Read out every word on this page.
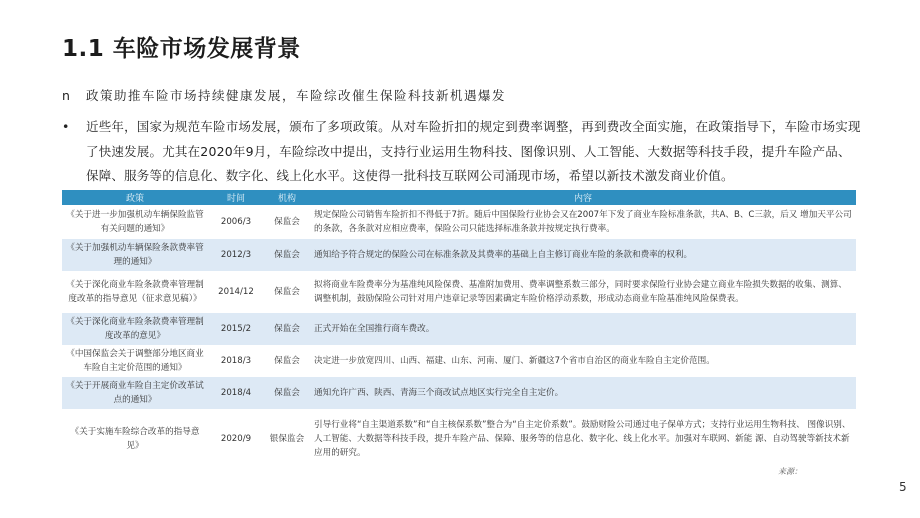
1.1 车险市场发展背景
n 政策助推车险市场持续健康发展，车险综改催生保险科技新机遇爆发
•	近些年，国家为规范车险市场发展，颁布了多项政策。从对车险折扣的规定到费率调整，再到费改全面实施，在政策指导下，车险市场实现了快速发展。尤其在2020年9月，车险综改中提出，支持行业运用生物科技、图像识别、人工智能、大数据等科技手段，提升车险产品、保障、服务等的信息化、数字化、线上化水平。这使得一批科技互联网公司涌现市场，希望以新技术激发商业价值。
政策	时间	机构	内容
《关于进一步加强机动车辆保险监管有关问题的通知》	2006/3	保监会	规定保险公司销售车险折扣不得低于7折。随后中国保险行业协会又在2007年下发了商业车险标准条款，共A、B、C三款，后又 增加天平公司的条款，各条款对应相应费率，保险公司只能选择标准条款并按规定执行费率。
《关于加强机动车辆保险条款费率管理的通知》	2012/3	保监会	通知给予符合规定的保险公司在标准条款及其费率的基础上自主修订商业车险的条款和费率的权利。
《关于深化商业车险条款费率管理制度改革的指导意见（征求意见稿）》	2014/12	保监会	拟将商业车险费率分为基准纯风险保费、基准附加费用、费率调整系数三部分，同时要求保险行业协会建立商业车险损失数据的收集、测算、调整机制，鼓励保险公司针对用户违章记录等因素确定车险价格浮动系数，形成动态商业车险基准纯风险保费表。
《关于深化商业车险条款费率管理制度改革的意见》	2015/2	保监会	正式开始在全国推行商车费改。
《中国保监会关于调整部分地区商业车险自主定价范围的通知》	2018/3	保监会	决定进一步放宽四川、山西、福建、山东、河南、厦门、新疆这7个省市自治区的商业车险自主定价范围。
《关于开展商业车险自主定价改革试点的通知》	2018/4	保监会	通知允许广西、陕西、青海三个商改试点地区实行完全自主定价。
《关于实施车险综合改革的指导意见》	2020/9	银保监会	引导行业将“自主渠道系数”和“自主核保系数”整合为“自主定价系数”。鼓励财险公司通过电子保单方式；支持行业运用生物科技、 图像识别、人工智能、大数据等科技手段，提升车险产品、保障、服务等的信息化、数字化、线上化水平。加强对车联网、新能 源、自动驾驶等新技术新应用的研究。
来源：
5
